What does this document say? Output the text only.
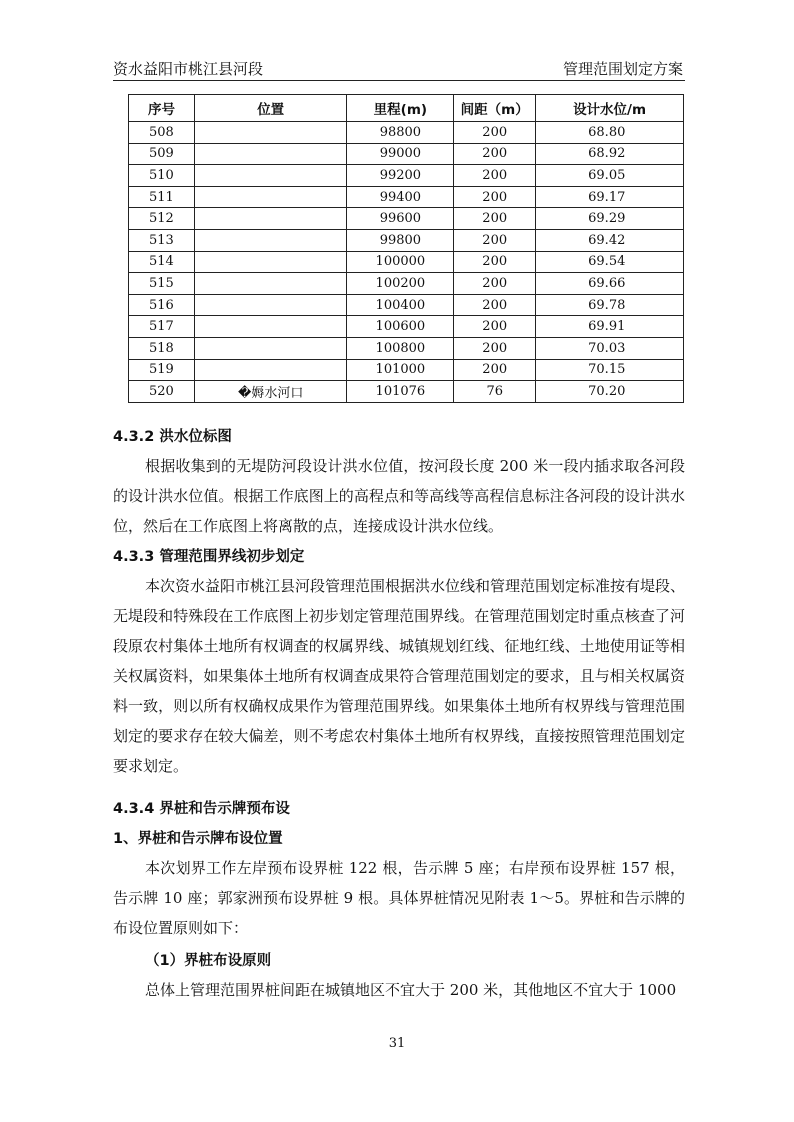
资水益阳市桃江县河段	管理范围划定方案
序号	位置	里程(m)	间距（m）	设计水位/m
508		98800	200	68.80
509		99000	200	68.92
510		99200	200	69.05
511		99400	200	69.17
512		99600	200	69.29
513		99800	200	69.42
514		100000	200	69.54
515		100200	200	69.66
516		100400	200	69.78
517		100600	200	69.91
518		100800	200	70.03
519		101000	200	70.15
520	�媷水河口	101076	76	70.20
4.3.2 洪水位标图

根据收集到的无堤防河段设计洪水位值，按河段长度 200 米一段内插求取各河段的设计洪水位值。根据工作底图上的高程点和等高线等高程信息标注各河段的设计洪水位，然后在工作底图上将离散的点，连接成设计洪水位线。

4.3.3 管理范围界线初步划定

本次资水益阳市桃江县河段管理范围根据洪水位线和管理范围划定标准按有堤段、无堤段和特殊段在工作底图上初步划定管理范围界线。在管理范围划定时重点核查了河段原农村集体土地所有权调查的权属界线、城镇规划红线、征地红线、土地使用证等相关权属资料，如果集体土地所有权调查成果符合管理范围划定的要求，且与相关权属资料一致，则以所有权确权成果作为管理范围界线。如果集体土地所有权界线与管理范围划定的要求存在较大偏差，则不考虑农村集体土地所有权界线，直接按照管理范围划定要求划定。

4.3.4 界桩和告示牌预布设
1、界桩和告示牌布设位置

本次划界工作左岸预布设界桩 122 根，告示牌 5 座；右岸预布设界桩 157 根，告示牌 10 座；郭家洲预布设界桩 9 根。具体界桩情况见附表 1～5。界桩和告示牌的布设位置原则如下：

（1）界桩布设原则

总体上管理范围界桩间距在城镇地区不宜大于 200 米，其他地区不宜大于 1000

31
